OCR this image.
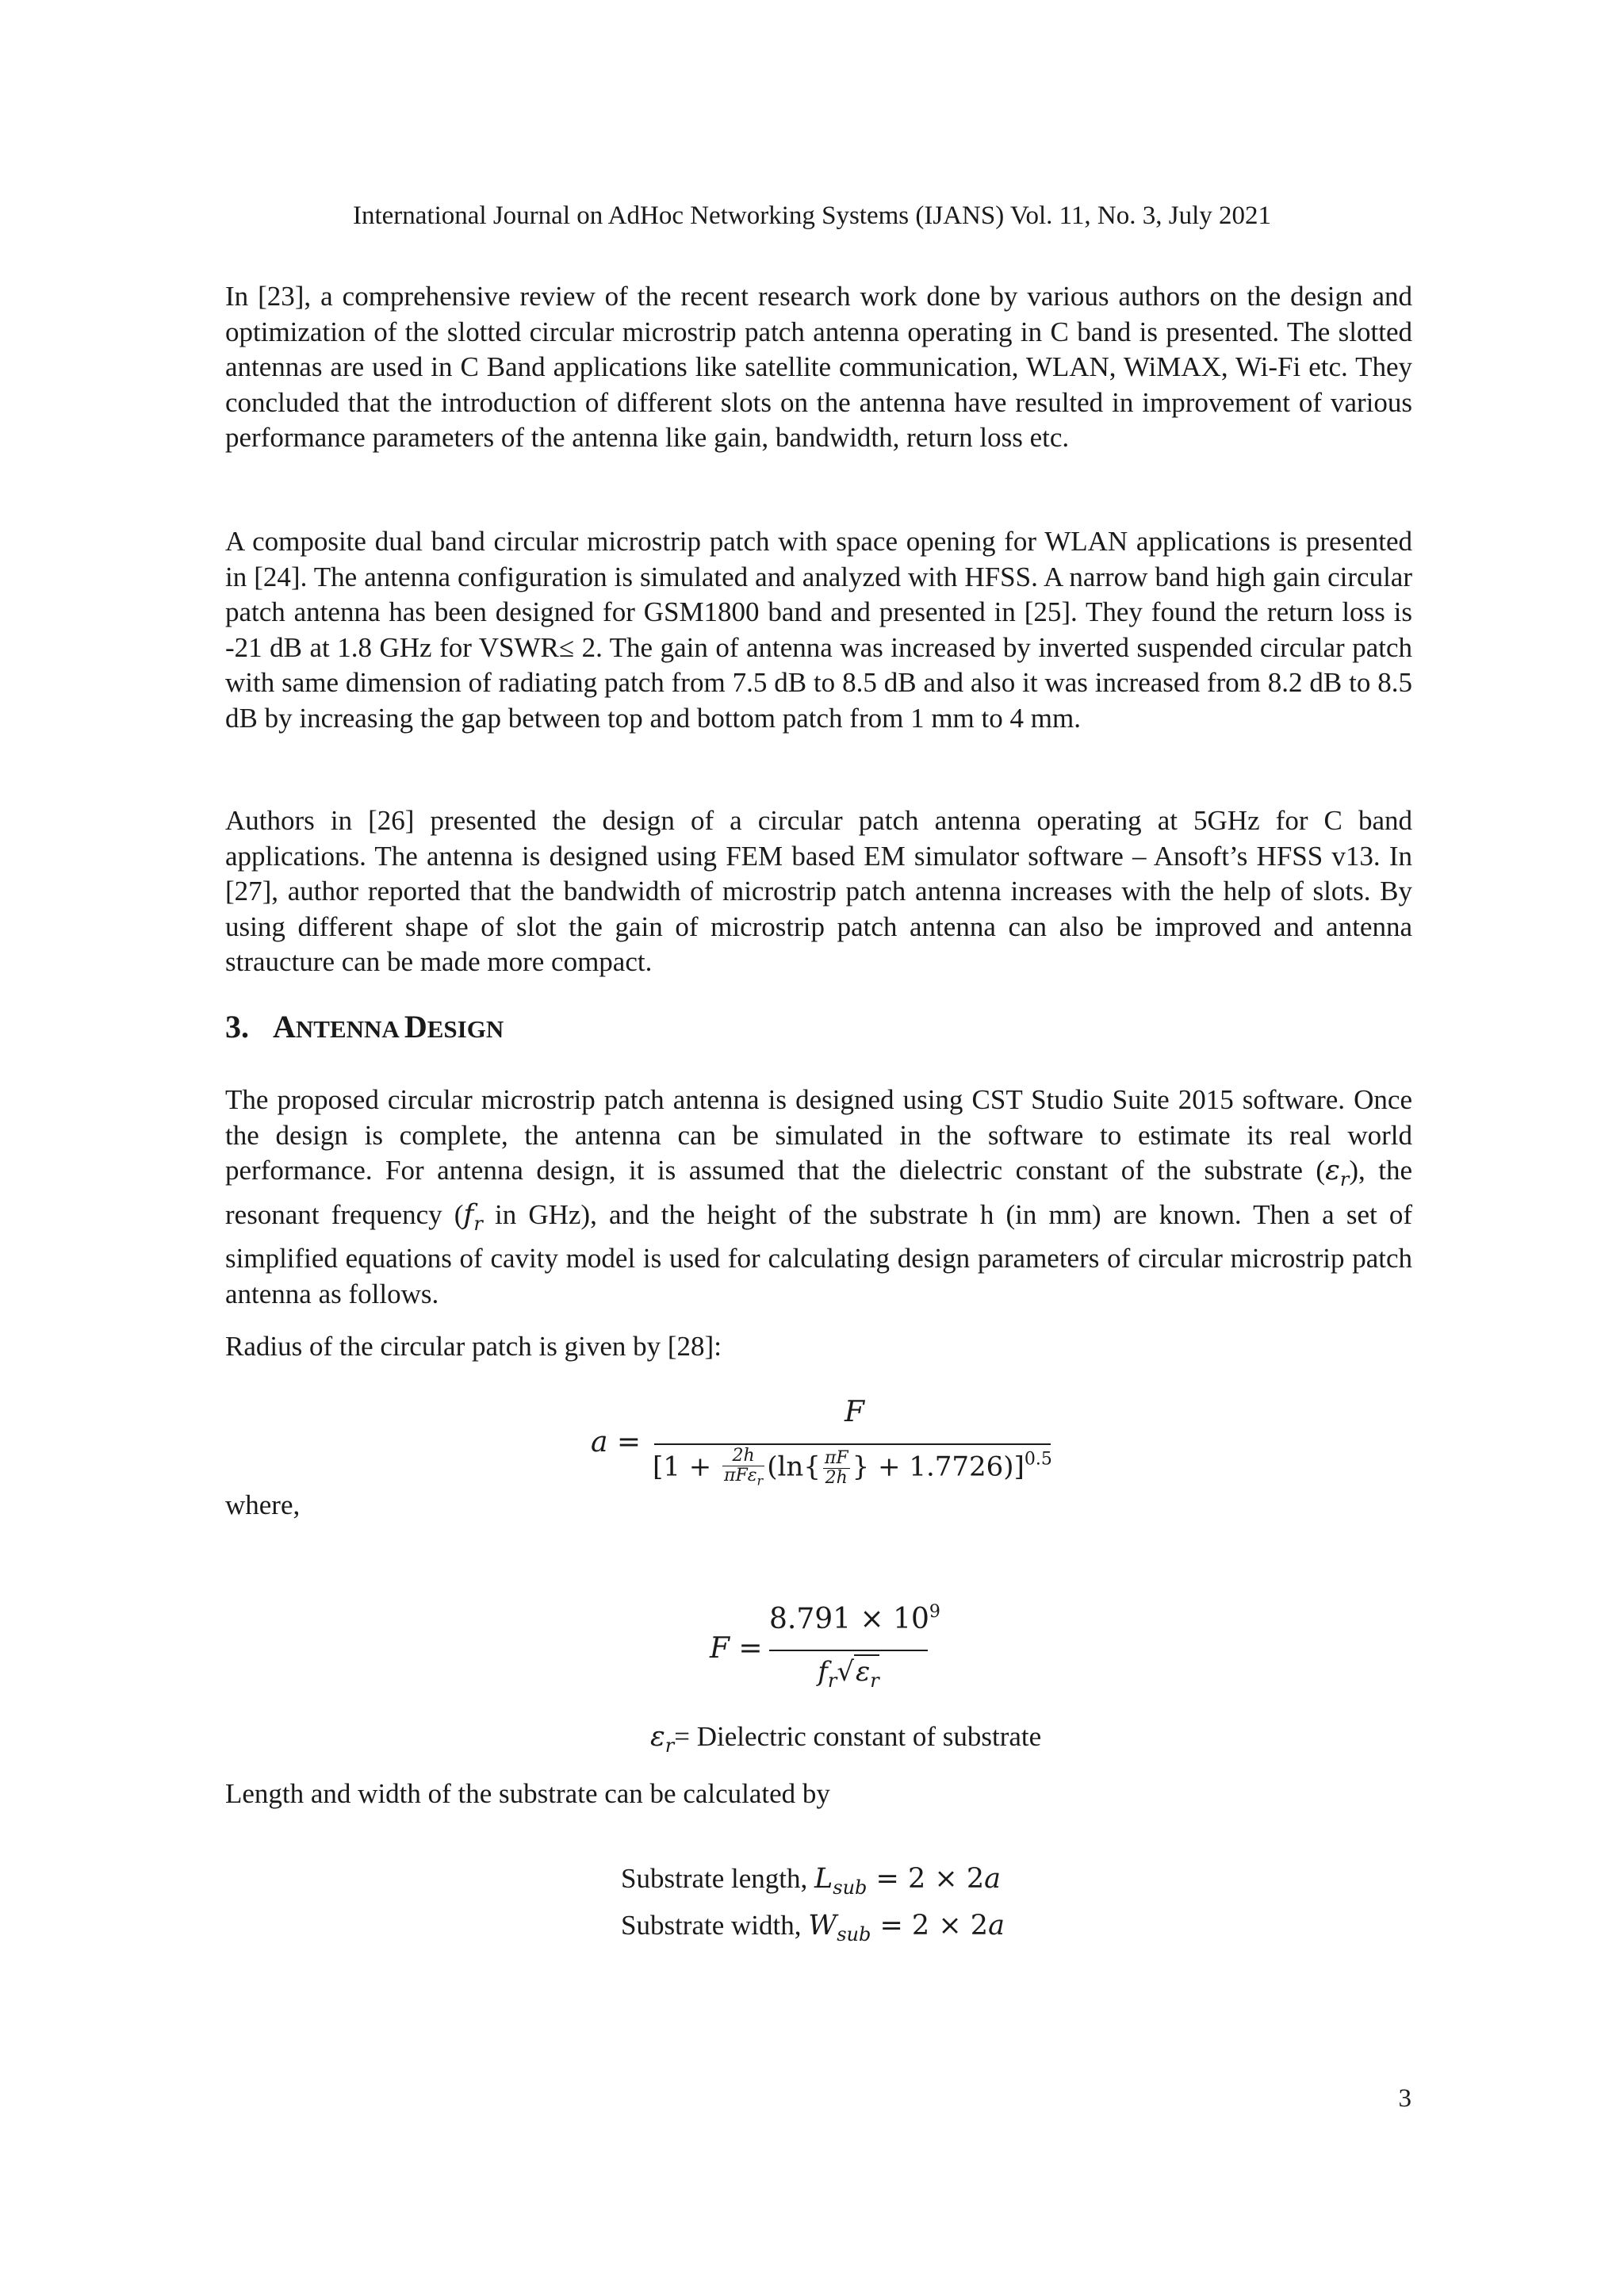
International Journal on AdHoc Networking Systems (IJANS) Vol. 11, No. 3, July 2021

In [23], a comprehensive review of the recent research work done by various authors on the design and optimization of the slotted circular microstrip patch antenna operating in C band is presented. The slotted antennas are used in C Band applications like satellite communication, WLAN, WiMAX, Wi-Fi etc. They concluded that the introduction of different slots on the antenna have resulted in improvement of various performance parameters of the antenna like gain, bandwidth, return loss etc.

A composite dual band circular microstrip patch with space opening for WLAN applications is presented in [24]. The antenna configuration is simulated and analyzed with HFSS. A narrow band high gain circular patch antenna has been designed for GSM1800 band and presented in [25]. They found the return loss is -21 dB at 1.8 GHz for VSWR≤ 2. The gain of antenna was increased by inverted suspended circular patch with same dimension of radiating patch from 7.5 dB to 8.5 dB and also it was increased from 8.2 dB to 8.5 dB by increasing the gap between top and bottom patch from 1 mm to 4 mm.

Authors in [26] presented the design of a circular patch antenna operating at 5GHz for C band applications. The antenna is designed using FEM based EM simulator software – Ansoft’s HFSS v13. In [27], author reported that the bandwidth of microstrip patch antenna increases with the help of slots. By using different shape of slot the gain of microstrip patch antenna can also be improved and antenna straucture can be made more compact.

3. ANTENNA DESIGN

The proposed circular microstrip patch antenna is designed using CST Studio Suite 2015 software. Once the design is complete, the antenna can be simulated in the software to estimate its real world performance. For antenna design, it is assumed that the dielectric constant of the substrate $(\varepsilon_r)$, the resonant frequency ($f_r$ in GHz), and the height of the substrate h (in mm) are known. Then a set of simplified equations of cavity model is used for calculating design parameters of circular microstrip patch antenna as follows.

Radius of the circular patch is given by [28]:

a =
F
[$1 + \frac{2h}{\pi F\varepsilon_r} (\ln\{ \frac{\pi F}{2h}$ } + 1.7726)]$^{0.5}$

where,

F =
$8.791 \times 10^9$
$f_r√\varepsilon_r$
$\varepsilon_r=$ Dielectric constant of substrate

Length and width of the substrate can be calculated by

Substrate length, $L_{sub} = 2 \times 2a$
Substrate width, $W_{sub} = 2 \times 2a$
3
